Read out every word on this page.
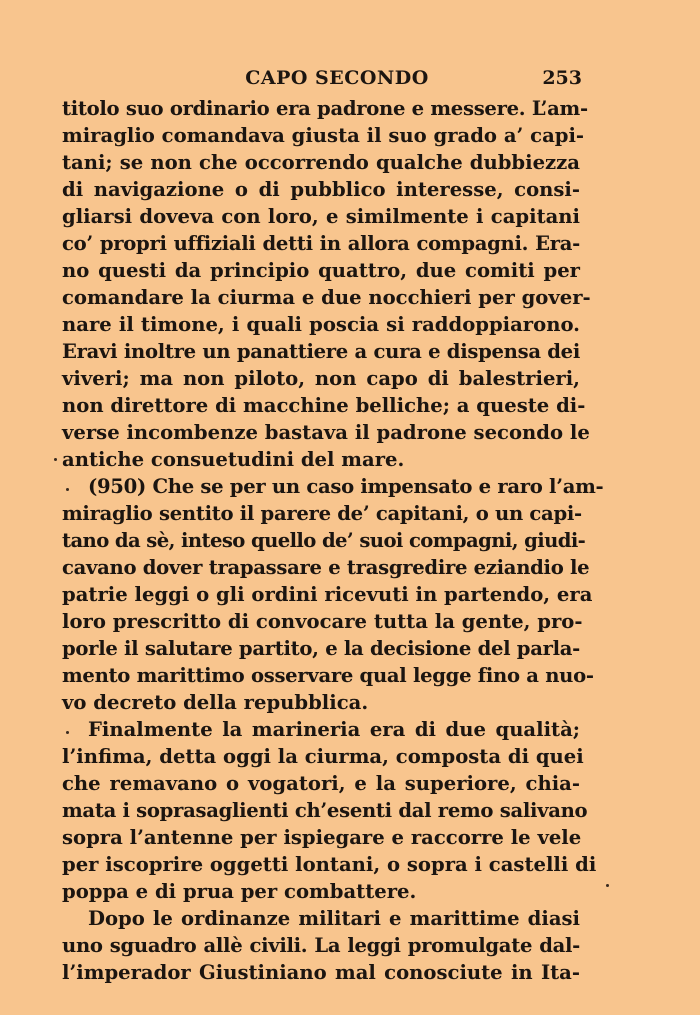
CAPO SECONDO	253
titolo suo ordinario era padrone e messere. L’am-
miraglio comandava giusta il suo grado a’ capi-
tani; se non che occorrendo qualche dubbiezza
di navigazione o di pubblico interesse, consi-
gliarsi doveva con loro, e similmente i capitani
co’ propri uffiziali detti in allora compagni. Era-
no questi da principio quattro, due comiti per
comandare la ciurma e due nocchieri per gover-
nare il timone, i quali poscia si raddoppiarono.
Eravi inoltre un panattiere a cura e dispensa dei
viveri; ma non piloto, non capo di balestrieri,
non direttore di macchine belliche; a queste di-
verse incombenze bastava il padrone secondo le
antiche consuetudini del mare.
(950) Che se per un caso impensato e raro l’am-
miraglio sentito il parere de’ capitani, o un capi-
tano da sè, inteso quello de’ suoi compagni, giudi-
cavano dover trapassare e trasgredire eziandio le
patrie leggi o gli ordini ricevuti in partendo, era
loro prescritto di convocare tutta la gente, pro-
porle il salutare partito, e la decisione del parla-
mento marittimo osservare qual legge fino a nuo-
vo decreto della repubblica.
Finalmente la marineria era di due qualità;
l’infima, detta oggi la ciurma, composta di quei
che remavano o vogatori, e la superiore, chia-
mata i soprasaglienti ch’esenti dal remo salivano
sopra l’antenne per ispiegare e raccorre le vele
per iscoprire oggetti lontani, o sopra i castelli di
poppa e di prua per combattere.
Dopo le ordinanze militari e marittime diasi
uno sguadro allè civili. La leggi promulgate dal-
l’imperador Giustiniano mal conosciute in Ita-
